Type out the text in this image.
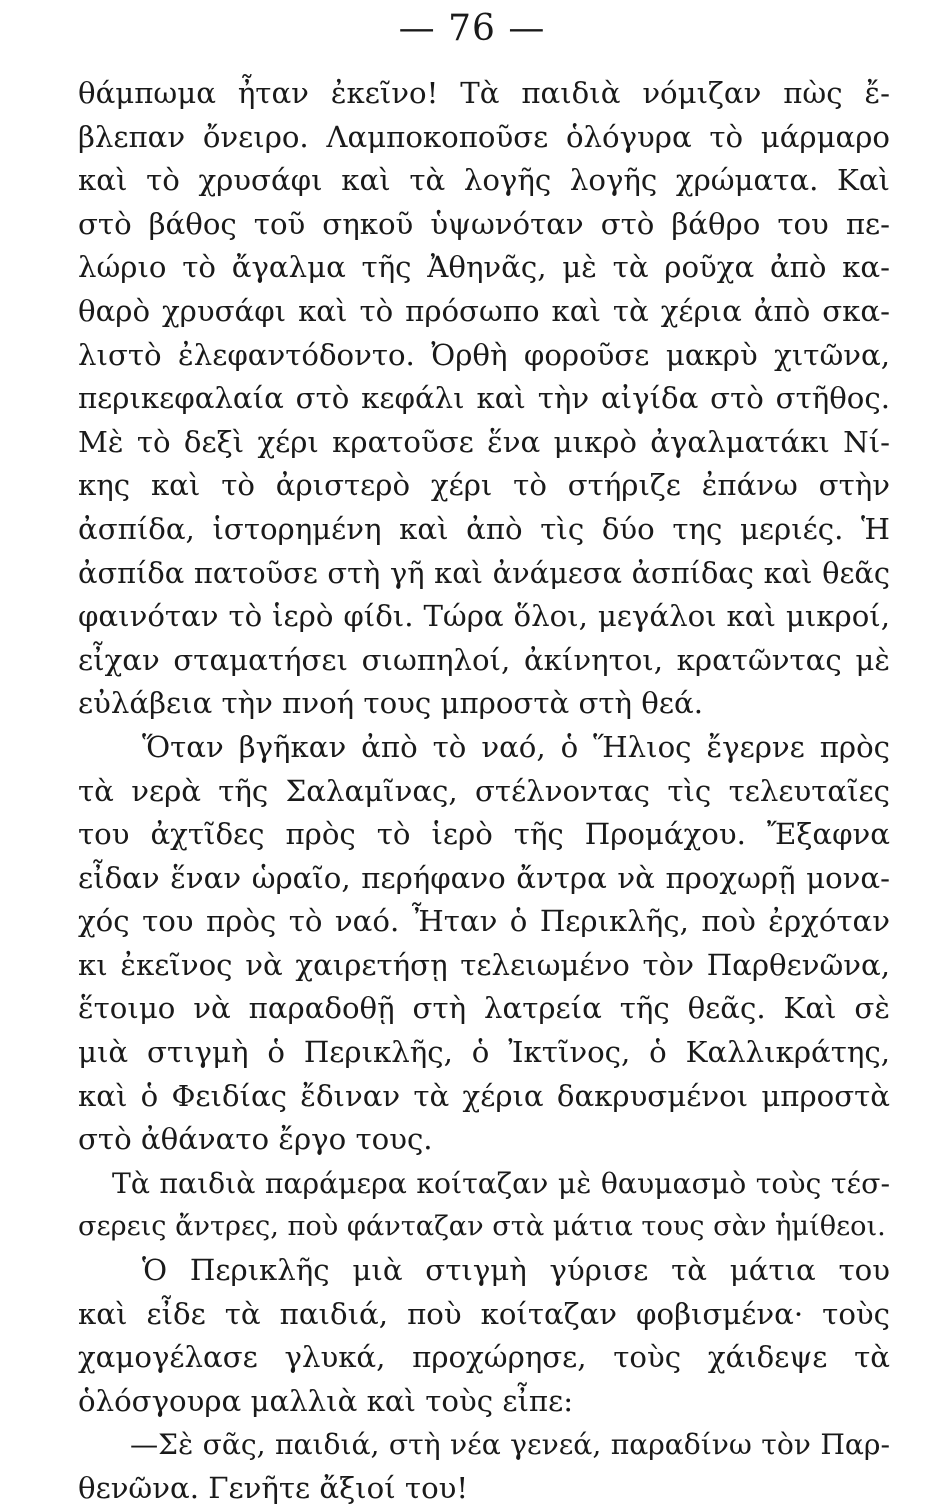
— 76 —
θάμπωμα ἦταν ἐκεῖνο! Τὰ παιδιὰ νόμιζαν πὼς ἔ-
βλεπαν ὄνειρο. Λαμποκοποῦσε ὁλόγυρα τὸ μάρμαρο
καὶ τὸ χρυσάφι καὶ τὰ λογῆς λογῆς χρώματα. Καὶ
στὸ βάθος τοῦ σηκοῦ ὑψωνόταν στὸ βάθρο του πε-
λώριο τὸ ἄγαλμα τῆς Ἀθηνᾶς, μὲ τὰ ροῦχα ἀπὸ κα-
θαρὸ χρυσάφι καὶ τὸ πρόσωπο καὶ τὰ χέρια ἀπὸ σκα-
λιστὸ ἐλεφαντόδοντο. Ὀρθὴ φοροῦσε μακρὺ χιτῶνα,
περικεφαλαία στὸ κεφάλι καὶ τὴν αἰγίδα στὸ στῆθος.
Μὲ τὸ δεξὶ χέρι κρατοῦσε ἕνα μικρὸ ἀγαλματάκι Νί-
κης καὶ τὸ ἀριστερὸ χέρι τὸ στήριζε ἐπάνω στὴν
ἀσπίδα, ἱστορημένη καὶ ἀπὸ τὶς δύο της μεριές. Ἡ
ἀσπίδα πατοῦσε στὴ γῆ καὶ ἀνάμεσα ἀσπίδας καὶ θεᾶς
φαινόταν τὸ ἱερὸ φίδι. Τώρα ὅλοι, μεγάλοι καὶ μικροί,
εἶχαν σταματήσει σιωπηλοί, ἀκίνητοι, κρατῶντας μὲ
εὐλάβεια τὴν πνοή τους μπροστὰ στὴ θεά.
Ὅταν βγῆκαν ἀπὸ τὸ ναό, ὁ Ἥλιος ἔγερνε πρὸς
τὰ νερὰ τῆς Σαλαμῖνας, στέλνοντας τὶς τελευταῖες
του ἀχτῖδες πρὸς τὸ ἱερὸ τῆς Προμάχου. Ἔξαφνα
εἶδαν ἕναν ὡραῖο, περήφανο ἄντρα νὰ προχωρῇ μονα-
χός του πρὸς τὸ ναό. Ἦταν ὁ Περικλῆς, ποὺ ἐρχόταν
κι ἐκεῖνος νὰ χαιρετήσῃ τελειωμένο τὸν Παρθενῶνα,
ἕτοιμο νὰ παραδοθῇ στὴ λατρεία τῆς θεᾶς. Καὶ σὲ
μιὰ στιγμὴ ὁ Περικλῆς, ὁ Ἰκτῖνος, ὁ Καλλικράτης,
καὶ ὁ Φειδίας ἔδιναν τὰ χέρια δακρυσμένοι μπροστὰ
στὸ ἀθάνατο ἔργο τους.
Τὰ παιδιὰ παράμερα κοίταζαν μὲ θαυμασμὸ τοὺς τέσ-
σερεις ἄντρες, ποὺ φάνταζαν στὰ μάτια τους σὰν ἡμίθεοι.
Ὁ Περικλῆς μιὰ στιγμὴ γύρισε τὰ μάτια του
καὶ εἶδε τὰ παιδιά, ποὺ κοίταζαν φοβισμένα· τοὺς
χαμογέλασε γλυκά, προχώρησε, τοὺς χάιδεψε τὰ
ὁλόσγουρα μαλλιὰ καὶ τοὺς εἶπε:
—Σὲ σᾶς, παιδιά, στὴ νέα γενεά, παραδίνω τὸν Παρ-
θενῶνα. Γενῆτε ἄξιοί του!
